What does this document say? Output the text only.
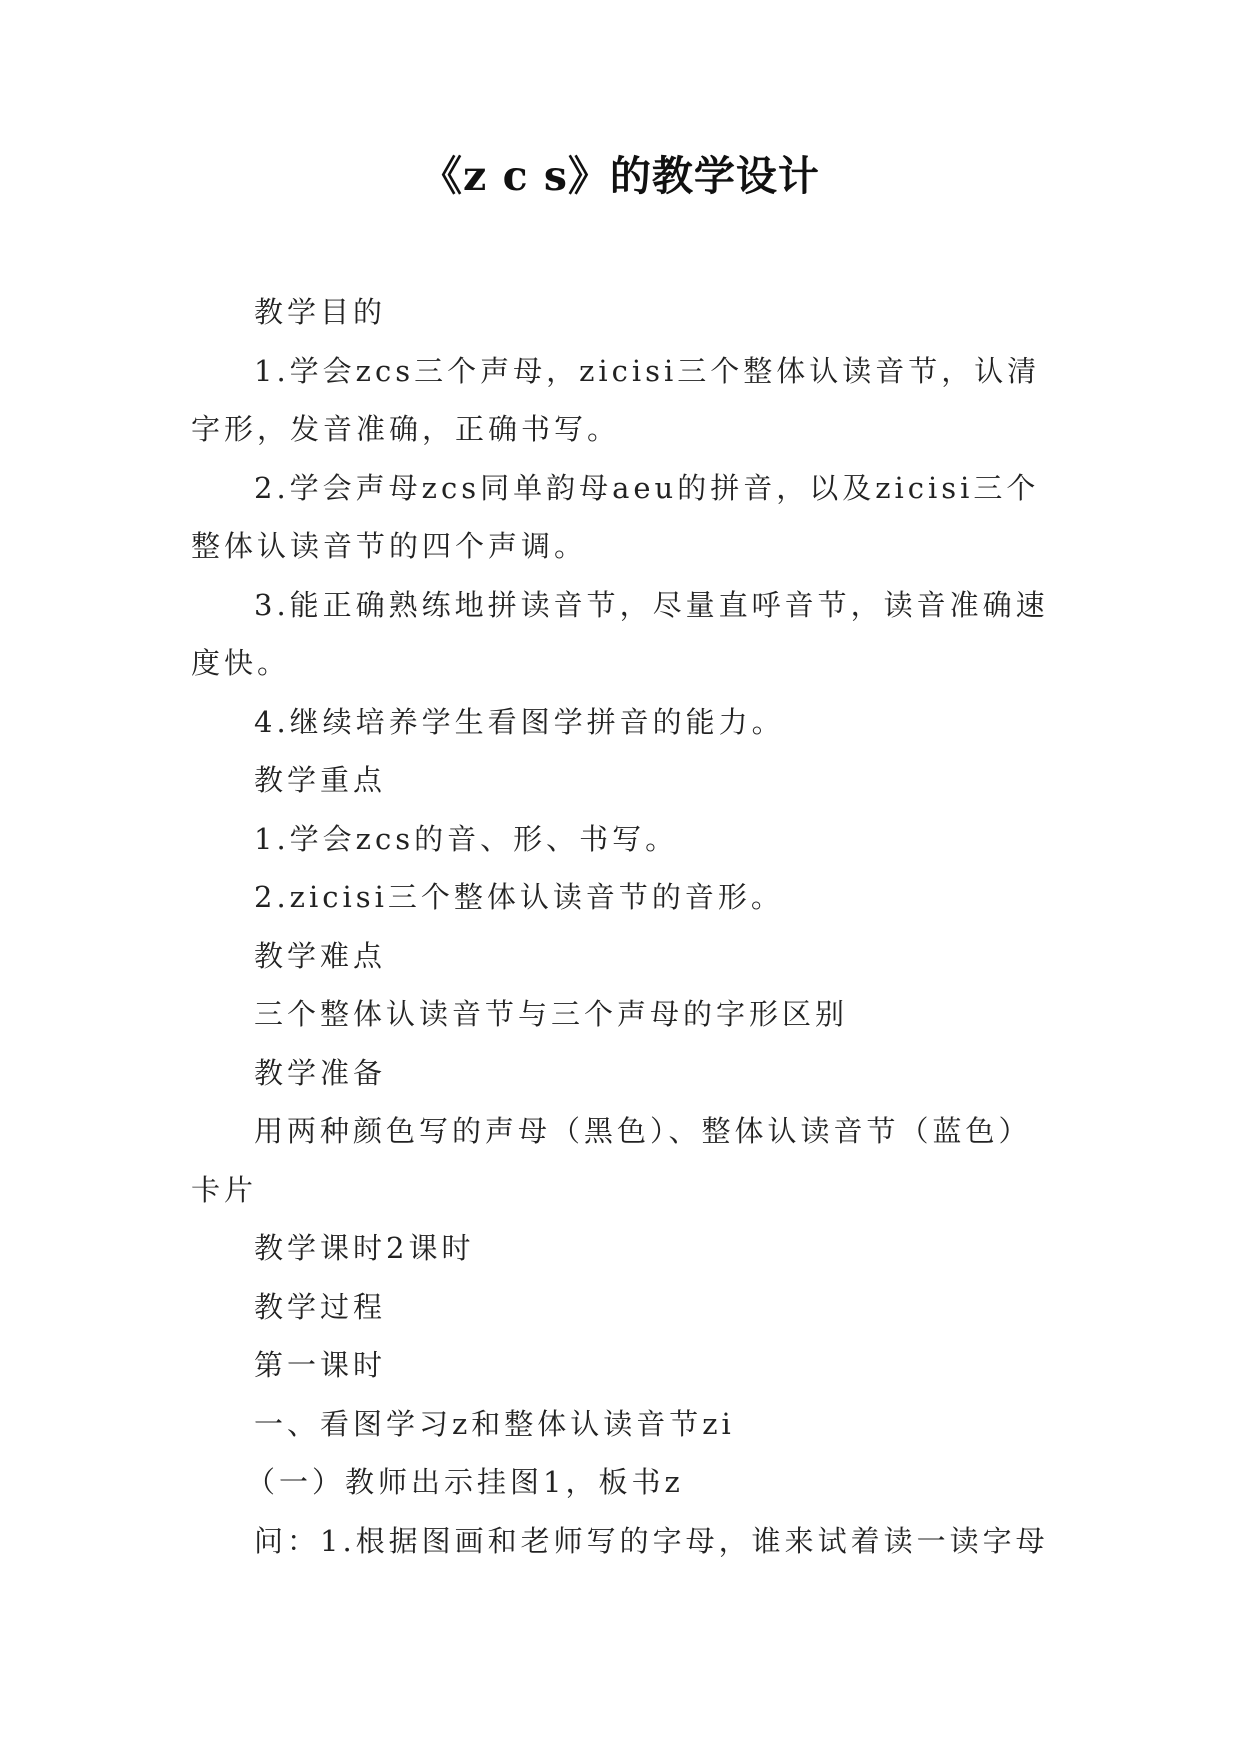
《z c s》的教学设计

教学目的

1.学会zcs三个声母，zicisi三个整体认读音节，认清字形，发音准确，正确书写。

2.学会声母zcs同单韵母aeu的拼音，以及zicisi三个整体认读音节的四个声调。

3.能正确熟练地拼读音节，尽量直呼音节，读音准确速度快。

4.继续培养学生看图学拼音的能力。

教学重点

1.学会zcs的音、形、书写。

2.zicisi三个整体认读音节的音形。

教学难点

三个整体认读音节与三个声母的字形区别

教学准备

用两种颜色写的声母（黑色）、整体认读音节（蓝色）卡片

教学课时2课时

教学过程

第一课时

一、看图学习z和整体认读音节zi

（一）教师出示挂图1，板书z

问：1.根据图画和老师写的字母，谁来试着读一读字母
